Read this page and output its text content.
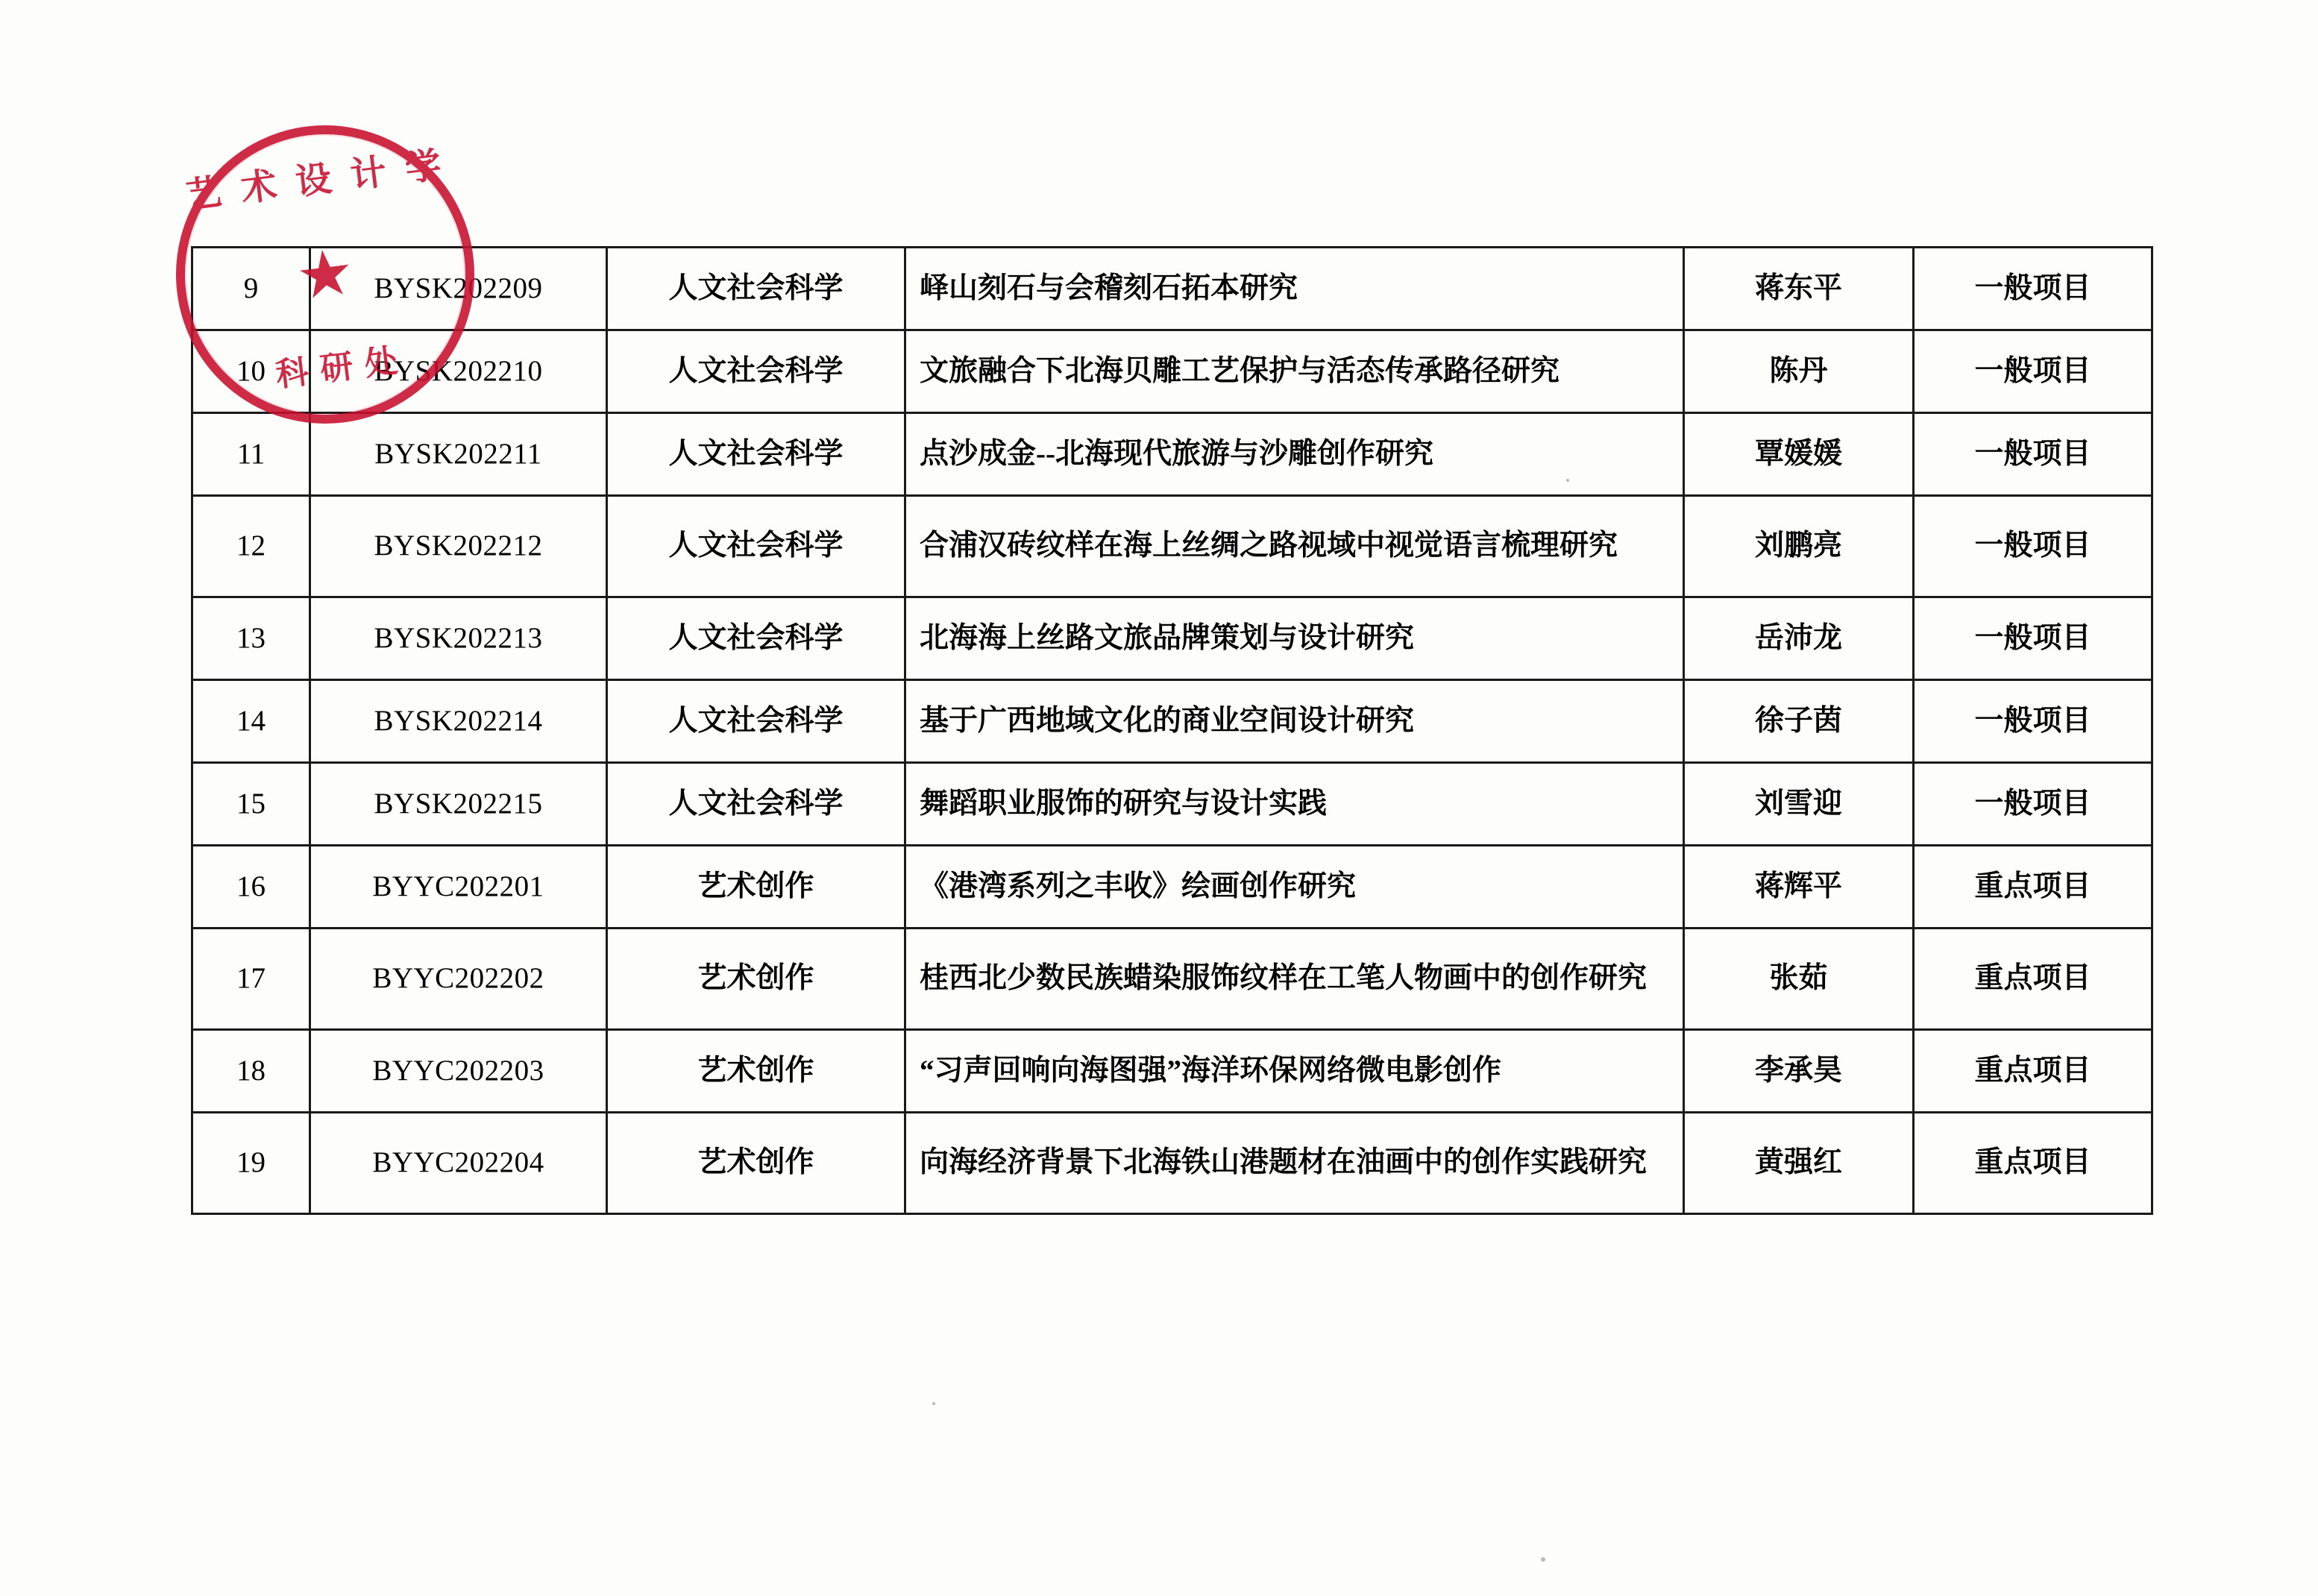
9	BYSK202209	人文社会科学	峄山刻石与会稽刻石拓本研究	蒋东平	一般项目
10	BYSK202210	人文社会科学	文旅融合下北海贝雕工艺保护与活态传承路径研究	陈丹	一般项目
11	BYSK202211	人文社会科学	点沙成金--北海现代旅游与沙雕创作研究	覃媛媛	一般项目
12	BYSK202212	人文社会科学	合浦汉砖纹样在海上丝绸之路视域中视觉语言梳理研究	刘鹏亮	一般项目
13	BYSK202213	人文社会科学	北海海上丝路文旅品牌策划与设计研究	岳沛龙	一般项目
14	BYSK202214	人文社会科学	基于广西地域文化的商业空间设计研究	徐子茵	一般项目
15	BYSK202215	人文社会科学	舞蹈职业服饰的研究与设计实践	刘雪迎	一般项目
16	BYYC202201	艺术创作	《港湾系列之丰收》绘画创作研究	蒋辉平	重点项目
17	BYYC202202	艺术创作	桂西北少数民族蜡染服饰纹样在工笔人物画中的创作研究	张茹	重点项目
18	BYYC202203	艺术创作	“习声回响向海图强”海洋环保网络微电影创作	李承昊	重点项目
19	BYYC202204	艺术创作	向海经济背景下北海铁山港题材在油画中的创作实践研究	黄强红	重点项目
艺术设计学
科研处
★
